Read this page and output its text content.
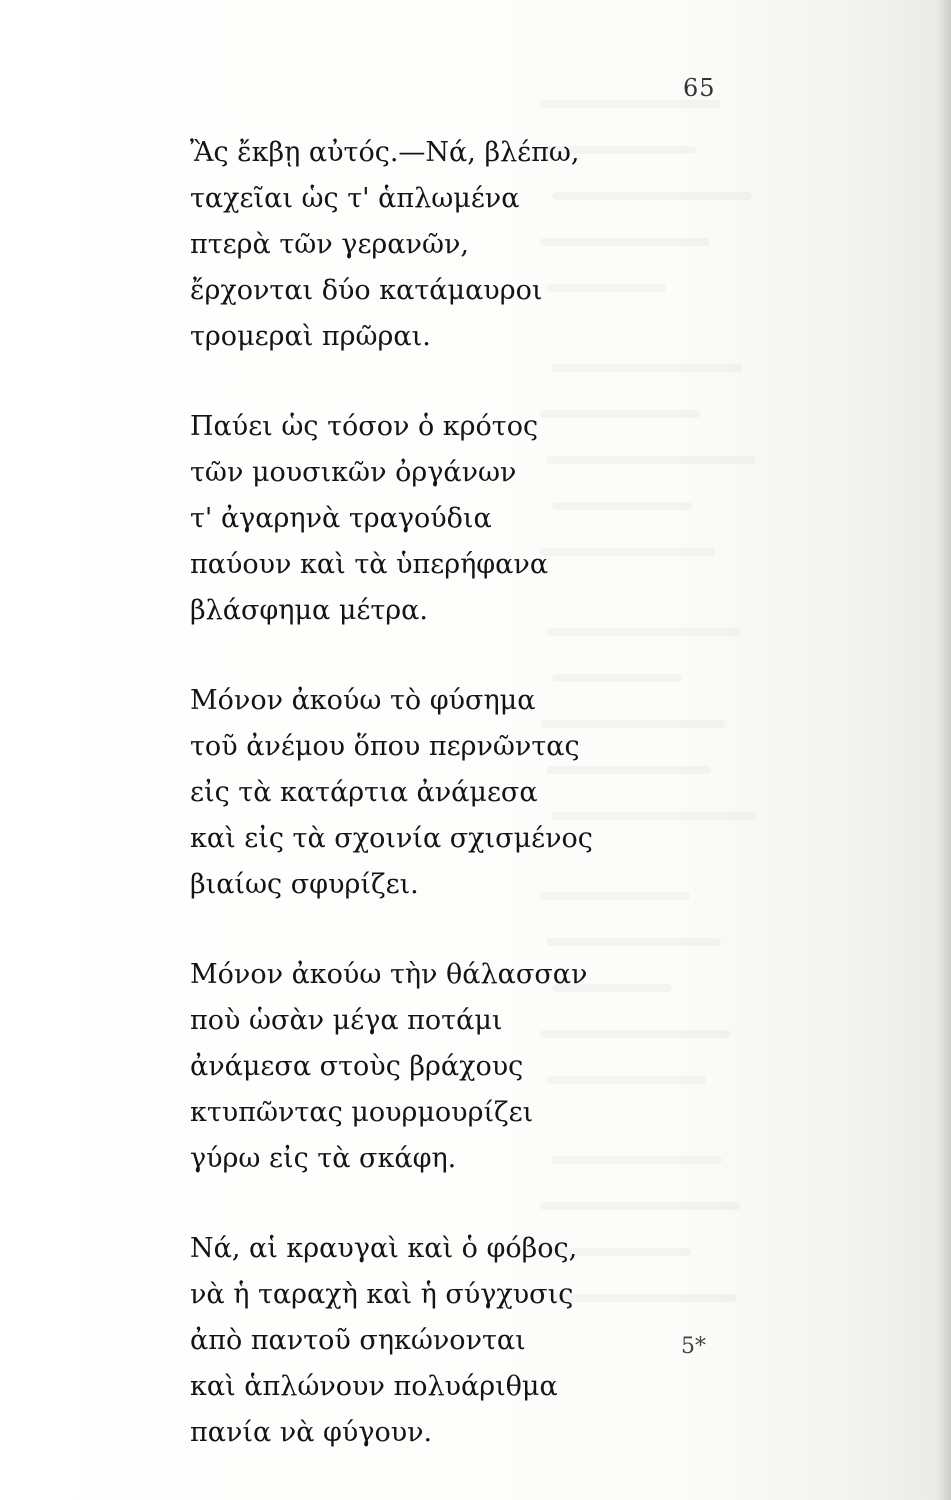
65
Ἂς ἔκβῃ αὐτός.—Νά, βλέπω,
ταχεῖαι ὡς τ' ἁπλωμένα
πτερὰ τῶν γερανῶν,
ἔρχονται δύο κατάμαυροι
τρομεραὶ πρῶραι.
Παύει ὡς τόσον ὁ κρότος
τῶν μουσικῶν ὀργάνων
τ' ἀγαρηνὰ τραγούδια
παύουν καὶ τὰ ὑπερήφανα
βλάσφημα μέτρα.
Μόνον ἀκούω τὸ φύσημα
τοῦ ἀνέμου ὅπου περνῶντας
εἰς τὰ κατάρτια ἀνάμεσα
καὶ εἰς τὰ σχοινία σχισμένος
βιαίως σφυρίζει.
Μόνον ἀκούω τὴν θάλασσαν
ποὺ ὡσὰν μέγα ποτάμι
ἀνάμεσα στοὺς βράχους
κτυπῶντας μουρμουρίζει
γύρω εἰς τὰ σκάφη.
Νά, αἱ κραυγαὶ καὶ ὁ φόβος,
νὰ ἡ ταραχὴ καὶ ἡ σύγχυσις
ἀπὸ παντοῦ σηκώνονται
καὶ ἁπλώνουν πολυάριθμα
πανία νὰ φύγουν.
5*
